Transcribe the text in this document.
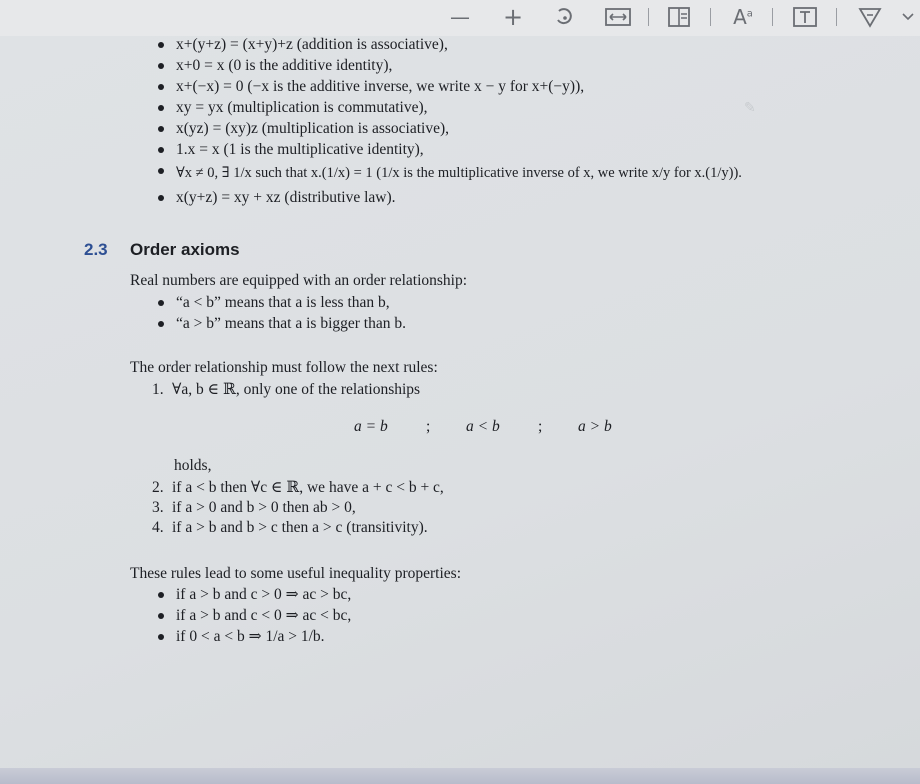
— +	$A^a$
✎
x+(y+z) = (x+y)+z (addition is associative),
x+0 = x (0 is the additive identity),
x+(−x) = 0 (−x is the additive inverse, we write x − y for x+(−y)),
xy = yx (multiplication is commutative),
x(yz) = (xy)z (multiplication is associative),
1.x = x (1 is the multiplicative identity),
∀x ≠ 0, ∃ 1/x such that x.(1/x) = 1 (1/x is the multiplicative inverse of x, we write x/y for x.(1/y)).
x(y+z) = xy + xz (distributive law).
2.3 Order axioms
Real numbers are equipped with an order relationship:
“a < b” means that a is less than b,
“a > b” means that a is bigger than b.
The order relationship must follow the next rules:
1. ∀a, b ∈ ℝ, only one of the relationships
a = b ; a < b ; a > b
holds,
2. if a < b then ∀c ∈ ℝ, we have a + c < b + c,
3. if a > 0 and b > 0 then ab > 0,
4. if a > b and b > c then a > c (transitivity).
These rules lead to some useful inequality properties:
if a > b and c > 0 ⇒ ac > bc,
if a > b and c < 0 ⇒ ac < bc,
if 0 < a < b ⇒ 1/a > 1/b.
